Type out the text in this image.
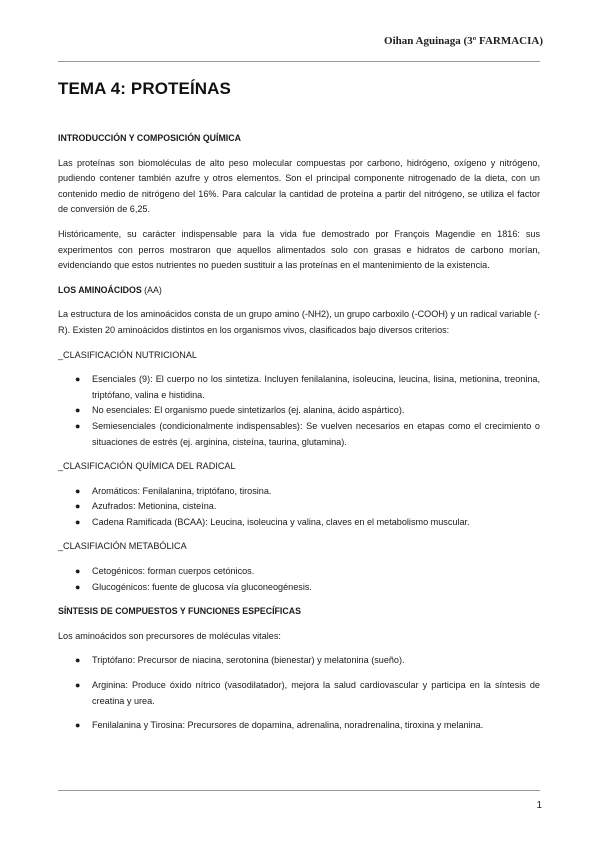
Oihan Aguinaga (3º FARMACIA)
TEMA 4: PROTEÍNAS
INTRODUCCIÓN Y COMPOSICIÓN QUÍMICA

Las proteínas son biomoléculas de alto peso molecular compuestas por carbono, hidrógeno, oxígeno y nitrógeno, pudiendo contener también azufre y otros elementos. Son el principal componente nitrogenado de la dieta, con un contenido medio de nitrógeno del 16%. Para calcular la cantidad de proteína a partir del nitrógeno, se utiliza el factor de conversión de 6,25.

Históricamente, su carácter indispensable para la vida fue demostrado por François Magendie en 1816: sus experimentos con perros mostraron que aquellos alimentados solo con grasas e hidratos de carbono morían, evidenciando que estos nutrientes no pueden sustituir a las proteínas en el mantenimiento de la existencia.

LOS AMINOÁCIDOS (AA)

La estructura de los aminoácidos consta de un grupo amino (-NH2), un grupo carboxilo (-COOH) y un radical variable (-R). Existen 20 aminoácidos distintos en los organismos vivos, clasificados bajo diversos criterios:

_CLASIFICACIÓN NUTRICIONAL
● Esenciales (9): El cuerpo no los sintetiza. Incluyen fenilalanina, isoleucina, leucina, lisina, metionina, treonina, triptófano, valina e histidina.
● No esenciales: El organismo puede sintetizarlos (ej. alanina, ácido aspártico).
● Semiesenciales (condicionalmente indispensables): Se vuelven necesarios en etapas como el crecimiento o situaciones de estrés (ej. arginina, cisteína, taurina, glutamina).
_CLASIFICACIÓN QUÍMICA DEL RADICAL
● Aromáticos: Fenilalanina, triptófano, tirosina.
● Azufrados: Metionina, cisteína.
● Cadena Ramificada (BCAA): Leucina, isoleucina y valina, claves en el metabolismo muscular.
_CLASIFIACIÓN METABÓLICA
● Cetogénicos: forman cuerpos cetónicos.
● Glucogénicos: fuente de glucosa vía gluconeogénesis.
SÍNTESIS DE COMPUESTOS Y FUNCIONES ESPECÍFICAS

Los aminoácidos son precursores de moléculas vitales:

● Triptófano: Precursor de niacina, serotonina (bienestar) y melatonina (sueño).
● Arginina: Produce óxido nítrico (vasodilatador), mejora la salud cardiovascular y participa en la síntesis de creatina y urea.
● Fenilalanina y Tirosina: Precursores de dopamina, adrenalina, noradrenalina, tiroxina y melanina.
1
